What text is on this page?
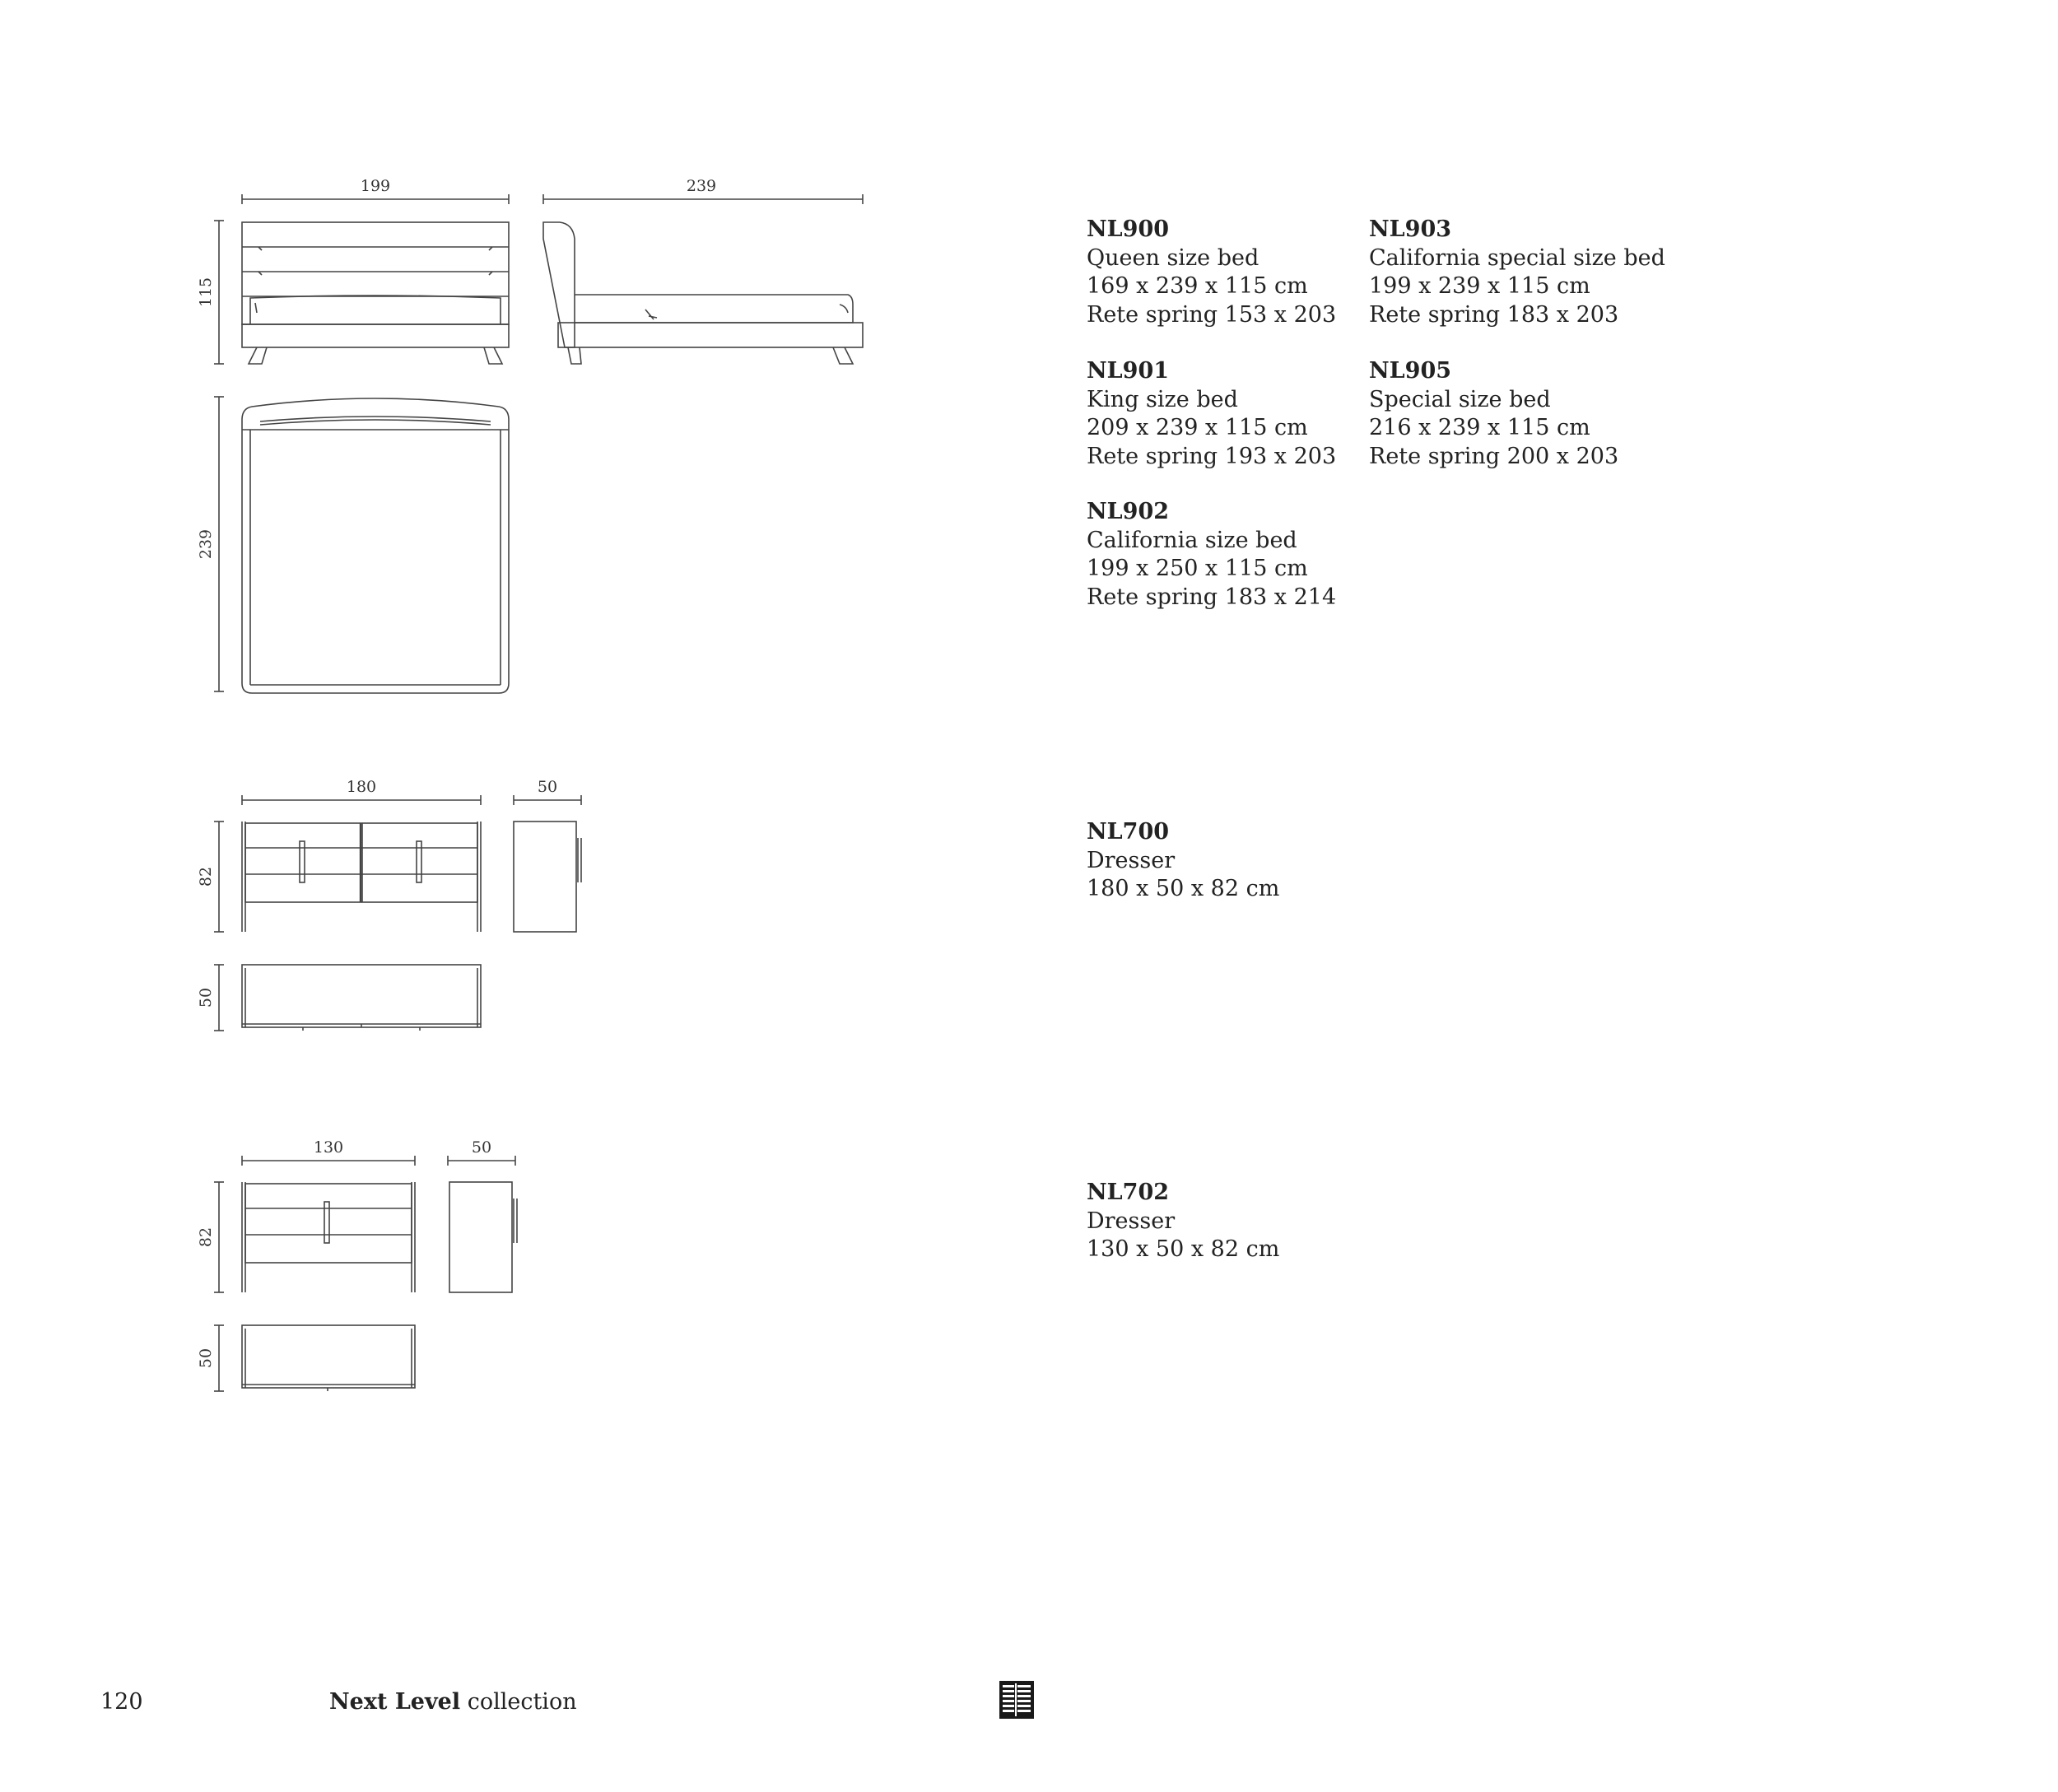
199	239
115
239
180	50
82
50
130	50
82
50
NL900
Queen size bed
169 x 239 x 115 cm
Rete spring 153 x 203
NL903
California special size bed
199 x 239 x 115 cm
Rete spring 183 x 203
NL901
King size bed
209 x 239 x 115 cm
Rete spring 193 x 203
NL905
Special size bed
216 x 239 x 115 cm
Rete spring 200 x 203
NL902
California size bed
199 x 250 x 115 cm
Rete spring 183 x 214
NL700
Dresser
180 x 50 x 82 cm
NL702
Dresser
130 x 50 x 82 cm
120	Next Level collection
